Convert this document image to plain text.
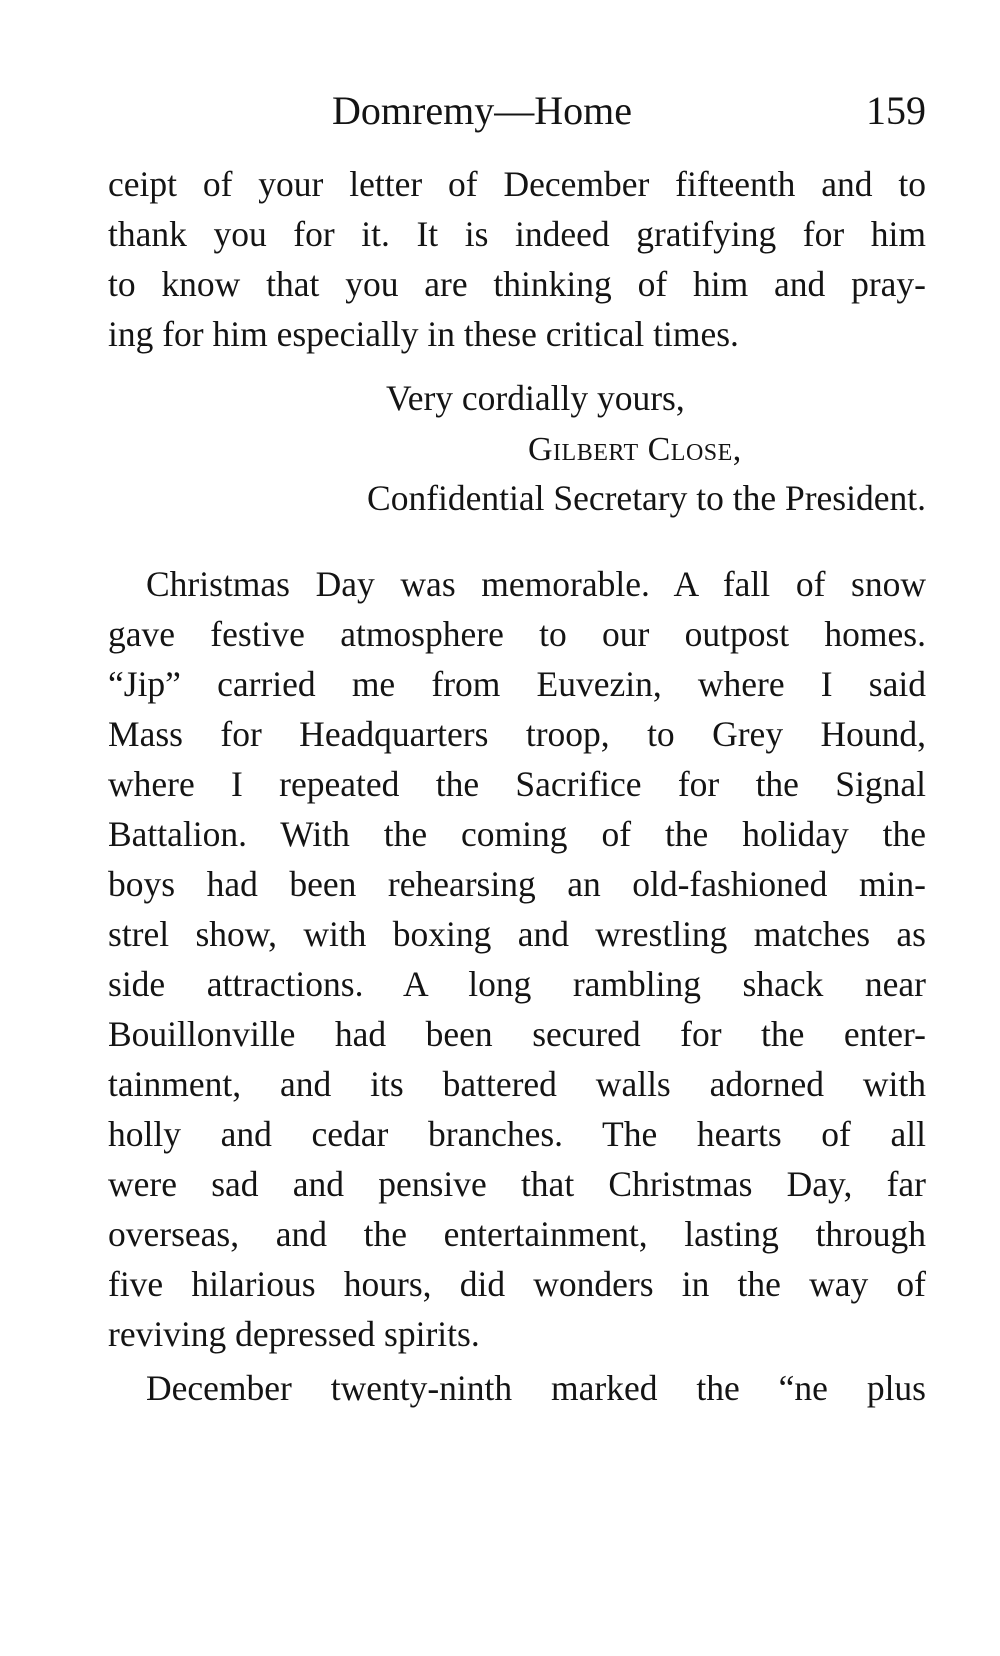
Domremy—Home	159
ceipt of your letter of December fifteenth and to
thank you for it. It is indeed gratifying for him
to know that you are thinking of him and pray-
ing for him especially in these critical times.
Very cordially yours,
Gilbert Close,
Confidential Secretary to the President.
Christmas Day was memorable. A fall of snow
gave festive atmosphere to our outpost homes.
“Jip” carried me from Euvezin, where I said
Mass for Headquarters troop, to Grey Hound,
where I repeated the Sacrifice for the Signal
Battalion. With the coming of the holiday the
boys had been rehearsing an old-fashioned min-
strel show, with boxing and wrestling matches as
side attractions. A long rambling shack near
Bouillonville had been secured for the enter-
tainment, and its battered walls adorned with
holly and cedar branches. The hearts of all
were sad and pensive that Christmas Day, far
overseas, and the entertainment, lasting through
five hilarious hours, did wonders in the way of
reviving depressed spirits.
December twenty-ninth marked the “ne plus
